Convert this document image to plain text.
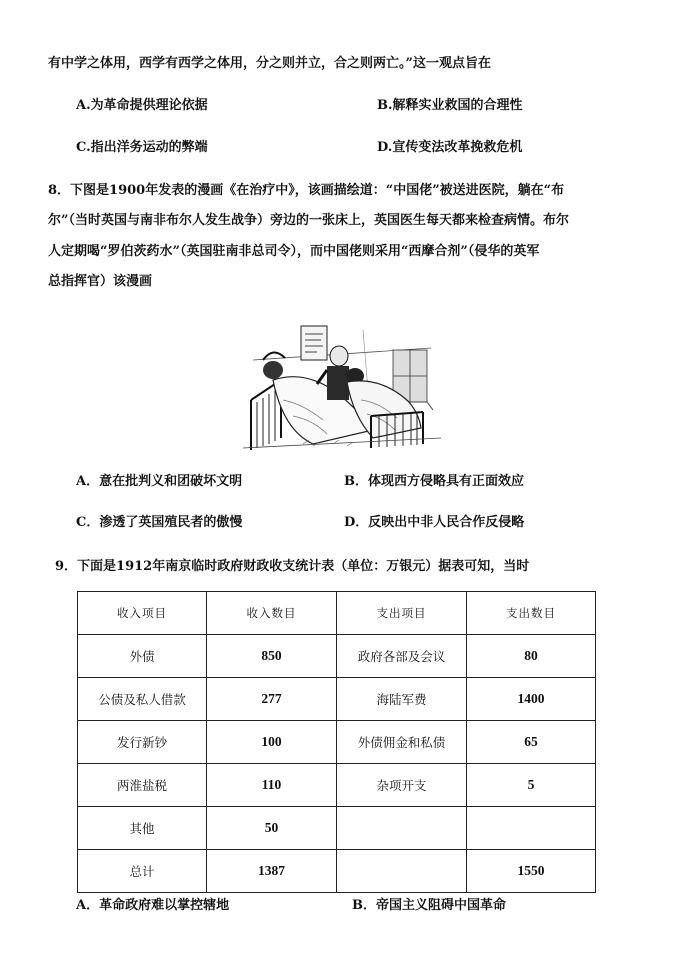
有中学之体用，西学有西学之体用，分之则并立，合之则两亡。”这一观点旨在
A.为革命提供理论依据	B.解释实业救国的合理性
C.指出洋务运动的弊端	D.宣传变法改革挽救危机
8．下图是1900年发表的漫画《在治疗中》，该画描绘道：“中国佬”被送进医院，躺在“布
尔”（当时英国与南非布尔人发生战争）旁边的一张床上，英国医生每天都来检查病情。布尔
人定期喝“罗伯茨药水”（英国驻南非总司令），而中国佬则采用“西摩合剂”（侵华的英军
总指挥官）该漫画
A．意在批判义和团破坏文明	B．体现西方侵略具有正面效应
C．渗透了英国殖民者的傲慢	D．反映出中非人民合作反侵略
9．下面是1912年南京临时政府财政收支统计表（单位：万银元）据表可知，当时
收入项目	收入数目	支出项目	支出数目
外债	850	政府各部及会议	80
公债及私人借款	277	海陆军费	1400
发行新钞	100	外债佣金和私债	65
两淮盐税	110	杂项开支	5
其他	50		
总计	1387		1550
A．革命政府难以掌控辖地	B．帝国主义阻碍中国革命
